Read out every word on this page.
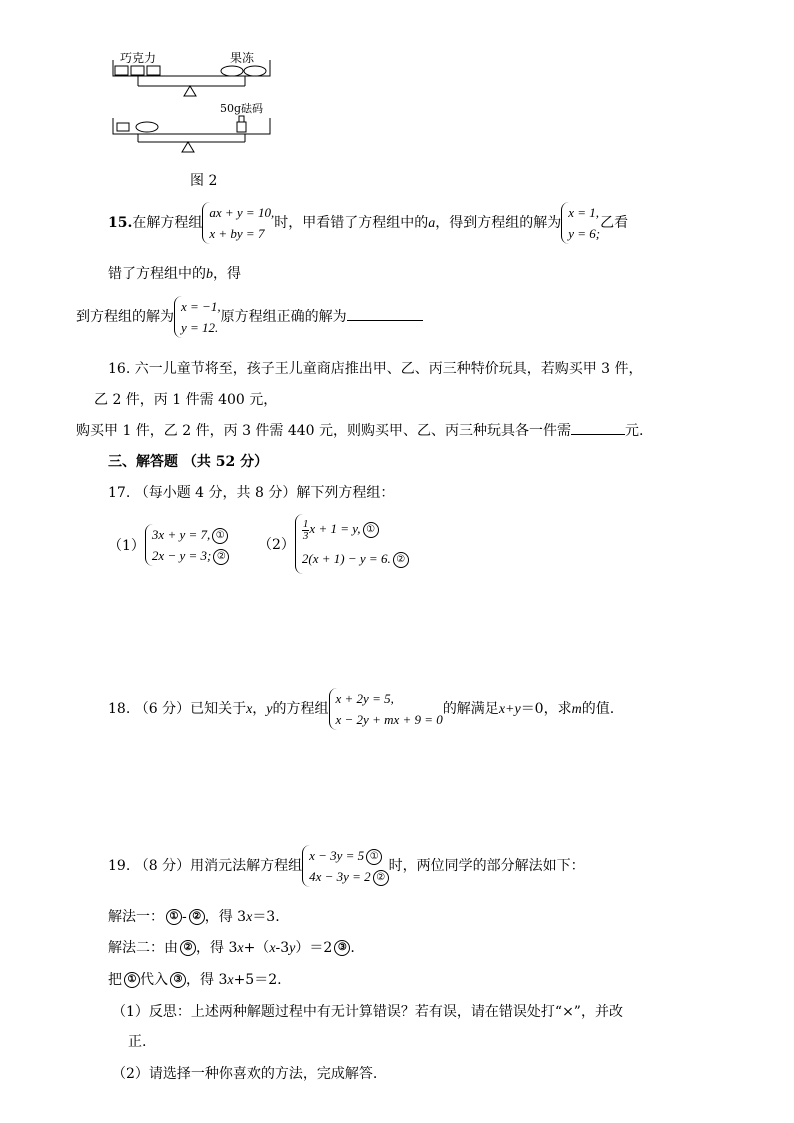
巧克力	果冻
50g砝码
图 2
15.在解方程组
ax + y = 10,
x + by = 7
时，甲看错了方程组中的a，得到方程组的解为
x = 1,
y = 6;
乙看
错了方程组中的b，得
到方程组的解为
x = −1,
y = 12.
原方程组正确的解为
16. 六一儿童节将至，孩子王儿童商店推出甲、乙、丙三种特价玩具，若购买甲 3 件，
乙 2 件，丙 1 件需 400 元，
购买甲 1 件，乙 2 件，丙 3 件需 440 元，则购买甲、乙、丙三种玩具各一件需	元.
三、解答题 （共 52 分）
17. （每小题 4 分，共 8 分）解下列方程组：
（1）
3x + y = 7, ①
2x − y = 3; ②
（2）
$\frac{1}{3}$ x + 1 = y, ①
2(x + 1) − y = 6. ②
18. （6 分）已知关于x，y的方程组
x + 2y = 5,
x − 2y + mx + 9 = 0
的解满足x+y＝0，求m的值.
19. （8 分）用消元法解方程组
x − 3y = 5 ①
4x − 3y = 2 ②
时，两位同学的部分解法如下：
解法一： ① - ② ，得 3x＝3.
解法二：由 ② ，得 3x+（x-3y）＝2 ③ .
把 ① 代入 ③ ，得 3x+5＝2.
（1）反思：上述两种解题过程中有无计算错误？若有误，请在错误处打“×”，并改
正.
（2）请选择一种你喜欢的方法，完成解答.
